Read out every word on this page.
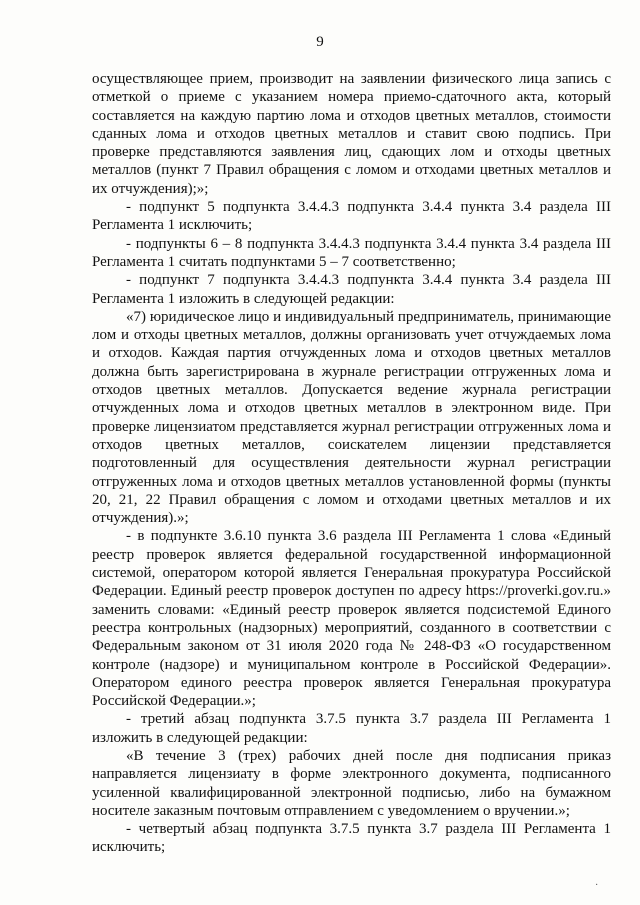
9

осуществляющее прием, производит на заявлении физического лица запись с отметкой о приеме с указанием номера приемо-сдаточного акта, который составляется на каждую партию лома и отходов цветных металлов, стоимости сданных лома и отходов цветных металлов и ставит свою подпись. При проверке представляются заявления лиц, сдающих лом и отходы цветных металлов (пункт 7 Правил обращения с ломом и отходами цветных металлов и их отчуждения);»;

- подпункт 5 подпункта 3.4.4.3 подпункта 3.4.4 пункта 3.4 раздела III Регламента 1 исключить;

- подпункты 6 – 8 подпункта 3.4.4.3 подпункта 3.4.4 пункта 3.4 раздела III Регламента 1 считать подпунктами 5 – 7 соответственно;

- подпункт 7 подпункта 3.4.4.3 подпункта 3.4.4 пункта 3.4 раздела III Регламента 1 изложить в следующей редакции:

«7) юридическое лицо и индивидуальный предприниматель, принимающие лом и отходы цветных металлов, должны организовать учет отчуждаемых лома и отходов. Каждая партия отчужденных лома и отходов цветных металлов должна быть зарегистрирована в журнале регистрации отгруженных лома и отходов цветных металлов. Допускается ведение журнала регистрации отчужденных лома и отходов цветных металлов в электронном виде. При проверке лицензиатом представляется журнал регистрации отгруженных лома и отходов цветных металлов, соискателем лицензии представляется подготовленный для осуществления деятельности журнал регистрации отгруженных лома и отходов цветных металлов установленной формы (пункты 20, 21, 22 Правил обращения с ломом и отходами цветных металлов и их отчуждения).»;

- в подпункте 3.6.10 пункта 3.6 раздела III Регламента 1 слова «Единый реестр проверок является федеральной государственной информационной системой, оператором которой является Генеральная прокуратура Российской Федерации. Единый реестр проверок доступен по адресу https://proverki.gov.ru.» заменить словами: «Единый реестр проверок является подсистемой Единого реестра контрольных (надзорных) мероприятий, созданного в соответствии с Федеральным законом от 31 июля 2020 года № 248-ФЗ «О государственном контроле (надзоре) и муниципальном контроле в Российской Федерации». Оператором единого реестра проверок является Генеральная прокуратура Российской Федерации.»;

- третий абзац подпункта 3.7.5 пункта 3.7 раздела III Регламента 1 изложить в следующей редакции:

«В течение 3 (трех) рабочих дней после дня подписания приказ направляется лицензиату в форме электронного документа, подписанного усиленной квалифицированной электронной подписью, либо на бумажном носителе заказным почтовым отправлением с уведомлением о вручении.»;

- четвертый абзац подпункта 3.7.5 пункта 3.7 раздела III Регламента 1 исключить;

·
